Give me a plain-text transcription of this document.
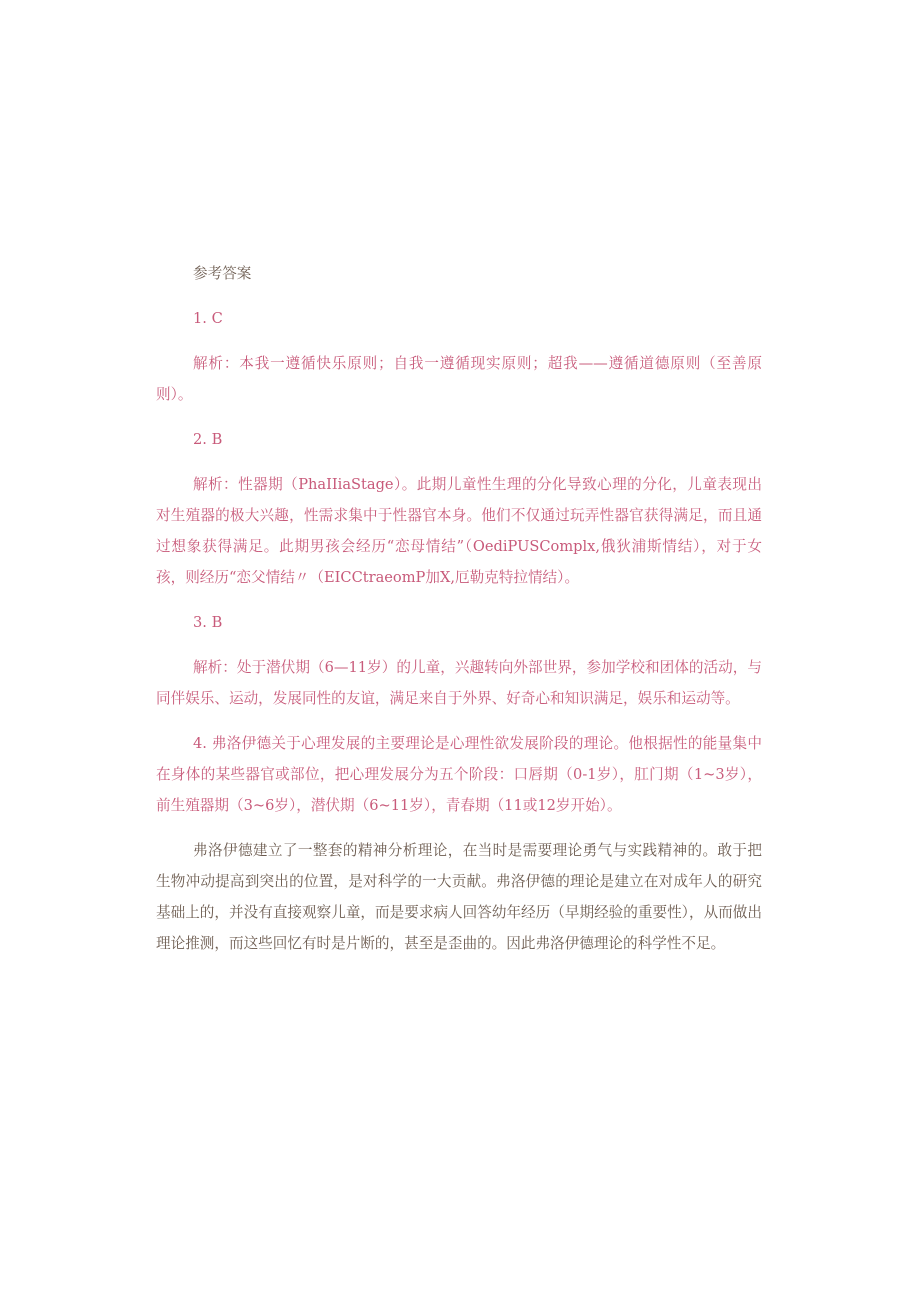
参考答案
1. C
解析：本我一遵循快乐原则；自我一遵循现实原则；超我——遵循道德原则（至善原则）。
2. B
解析：性器期（PhaIIiaStage）。此期儿童性生理的分化导致心理的分化，儿童表现出对生殖器的极大兴趣，性需求集中于性器官本身。他们不仅通过玩弄性器官获得满足，而且通过想象获得满足。此期男孩会经历“恋母情结”（OediPUSComplx,俄狄浦斯情结），对于女孩，则经历“恋父情结〃（EICCtraeomP加X,厄勒克特拉情结）。
3. B
解析：处于潜伏期（6—11岁）的儿童，兴趣转向外部世界，参加学校和团体的活动，与同伴娱乐、运动，发展同性的友谊，满足来自于外界、好奇心和知识满足，娱乐和运动等。
4. 弗洛伊德关于心理发展的主要理论是心理性欲发展阶段的理论。他根据性的能量集中在身体的某些器官或部位，把心理发展分为五个阶段：口唇期（0-1岁），肛门期（1~3岁），前生殖器期（3~6岁），潜伏期（6~11岁），青春期（11或12岁开始）。
弗洛伊德建立了一整套的精神分析理论，在当时是需要理论勇气与实践精神的。敢于把生物冲动提高到突出的位置，是对科学的一大贡献。弗洛伊德的理论是建立在对成年人的研究基础上的，并没有直接观察儿童，而是要求病人回答幼年经历（早期经验的重要性），从而做出理论推测，而这些回忆有时是片断的，甚至是歪曲的。因此弗洛伊德理论的科学性不足。
